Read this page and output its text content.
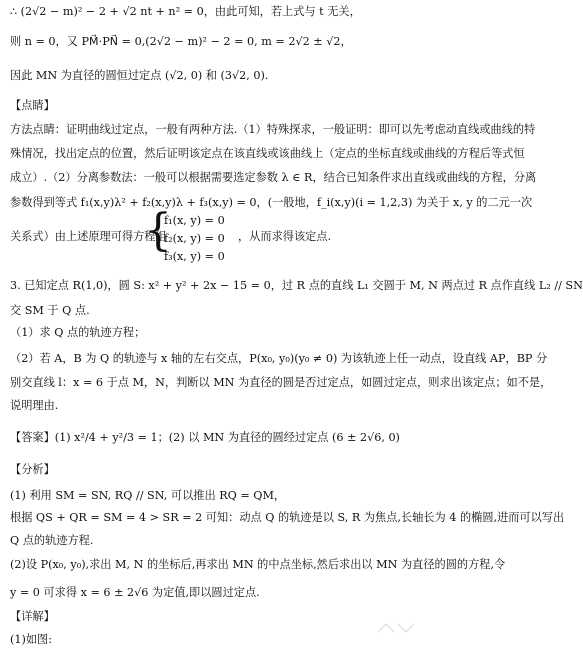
∴ (2√2 − m)² − 2 + √2 nt + n² = 0，由此可知，若上式与 t 无关，
则 n = 0，又 PM⃗·PN⃗ = 0,(2√2 − m)² − 2 = 0, m = 2√2 ± √2，
因此 MN 为直径的圆恒过定点 (√2, 0) 和 (3√2, 0).
【点睛】
方法点睛：证明曲线过定点，一般有两种方法.（1）特殊探求，一般证明：即可以先考虑动直线或曲线的特
殊情况，找出定点的位置，然后证明该定点在该直线或该曲线上（定点的坐标直线或曲线的方程后等式恒
成立）.（2）分离参数法：一般可以根据需要选定参数 λ ∈ R，结合已知条件求出直线或曲线的方程，分离
参数得到等式 f₁(x,y)λ² + f₂(x,y)λ + f₃(x,y) = 0，(一般地，f_i(x,y)(i = 1,2,3) 为关于 x, y 的二元一次
关系式）由上述原理可得方程组
{
f₁(x, y) = 0
f₂(x, y) = 0
f₃(x, y) = 0
，从而求得该定点.
3. 已知定点 R(1,0)，圆 S: x² + y² + 2x − 15 = 0，过 R 点的直线 L₁ 交圆于 M, N 两点过 R 点作直线 L₂ // SN
交 SM 于 Q 点.
（1）求 Q 点的轨迹方程；
（2）若 A，B 为 Q 的轨迹与 x 轴的左右交点，P(x₀, y₀)(y₀ ≠ 0) 为该轨迹上任一动点，设直线 AP，BP 分
别交直线 l：x = 6 于点 M，N，判断以 MN 为直径的圆是否过定点，如圆过定点，则求出该定点；如不是，
说明理由.
【答案】(1) x²/4 + y²/3 = 1；(2) 以 MN 为直径的圆经过定点 (6 ± 2√6, 0)
【分析】
(1) 利用 SM = SN, RQ // SN, 可以推出 RQ = QM，
根据 QS + QR = SM = 4 > SR = 2 可知：动点 Q 的轨迹是以 S, R 为焦点,长轴长为 4 的椭圆,进而可以写出
Q 点的轨迹方程.
(2)设 P(x₀, y₀),求出 M, N 的坐标后,再求出 MN 的中点坐标,然后求出以 MN 为直径的圆的方程,令
y = 0 可求得 x = 6 ± 2√6 为定值,即以圆过定点.
【详解】
(1)如图:
